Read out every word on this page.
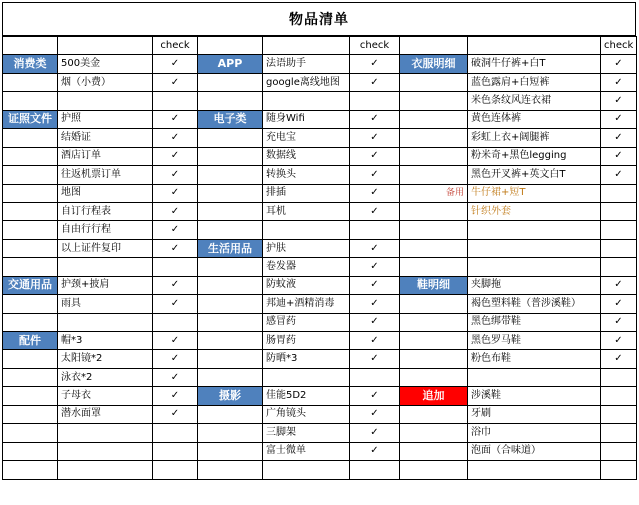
物品清单
		check			check			check
消费类	500美金	✓	APP	法语助手	✓	衣服明细	破洞牛仔裤+白T	✓
	烟（小费）	✓		google离线地图	✓		蓝色露肩+白短裤	✓
							米色条纹风连衣裙	✓
证照文件	护照	✓	电子类	随身Wifi	✓		黄色连体裤	✓
	结婚证	✓		充电宝	✓		彩虹上衣+阔腿裤	✓
	酒店订单	✓		数据线	✓		粉米奇+黑色legging	✓
	往返机票订单	✓		转换头	✓		黑色开叉裤+英文白T	✓
	地图	✓		排插	✓	备用	牛仔裙+短T	
	自订行程表	✓		耳机	✓		针织外套	
	自由行行程	✓						
	以上证件复印	✓	生活用品	护肤	✓			
				卷发器	✓			
交通用品	护颈+披肩	✓		防蚊液	✓	鞋明细	夹脚拖	✓
	雨具	✓		邦迪+酒精消毒	✓		褐色塑料鞋（普涉溪鞋）	✓
				感冒药	✓		黑色绑带鞋	✓
配件	帽*3	✓		肠胃药	✓		黑色罗马鞋	✓
	太阳镜*2	✓		防晒*3	✓		粉色布鞋	✓
	泳衣*2	✓						
	子母衣	✓	摄影	佳能5D2	✓	追加	涉溪鞋	
	潜水面罩	✓		广角镜头	✓		牙刷	
				三脚架	✓		浴巾	
				富士微单	✓		泡面（合味道）	
